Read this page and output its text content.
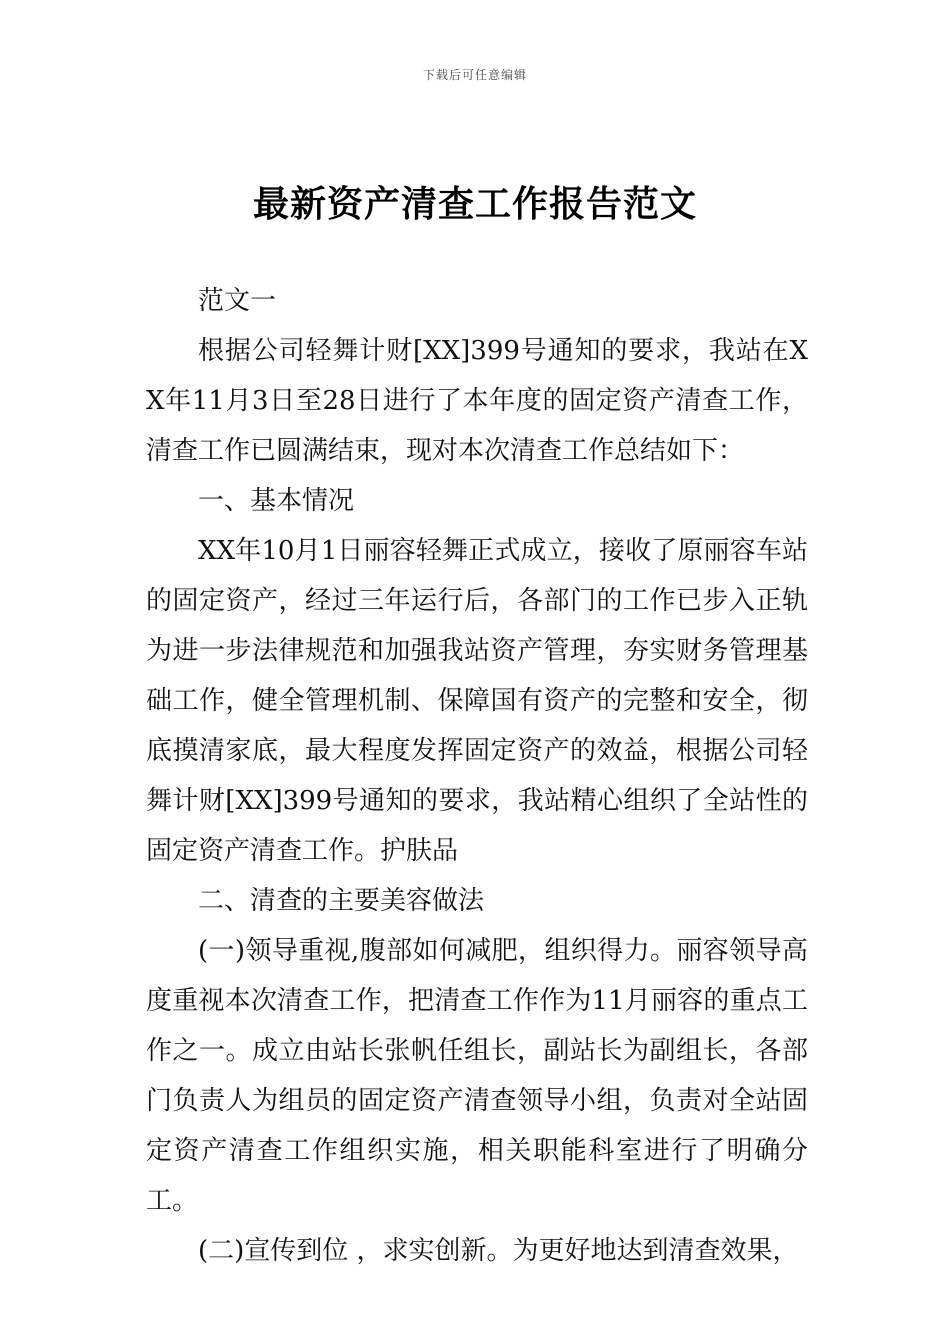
下载后可任意编辑
最新资产清查工作报告范文

范文一

根据公司轻舞计财[XX]399号通知的要求，我站在XX年11月3日至28日进行了本年度的固定资产清查工作，清查工作已圆满结束，现对本次清查工作总结如下：

一、基本情况

XX年10月1日丽容轻舞正式成立，接收了原丽容车站的固定资产，经过三年运行后，各部门的工作已步入正轨为进一步法律规范和加强我站资产管理，夯实财务管理基础工作，健全管理机制、保障国有资产的完整和安全，彻底摸清家底，最大程度发挥固定资产的效益，根据公司轻舞计财[XX]399号通知的要求，我站精心组织了全站性的固定资产清查工作。护肤品

二、清查的主要美容做法

(一)领导重视,腹部如何减肥，组织得力。丽容领导高度重视本次清查工作，把清查工作作为11月丽容的重点工作之一。成立由站长张帆任组长，副站长为副组长，各部门负责人为组员的固定资产清查领导小组，负责对全站固定资产清查工作组织实施，相关职能科室进行了明确分工。

(二)宣传到位 ，求实创新。为更好地达到清查效果，
